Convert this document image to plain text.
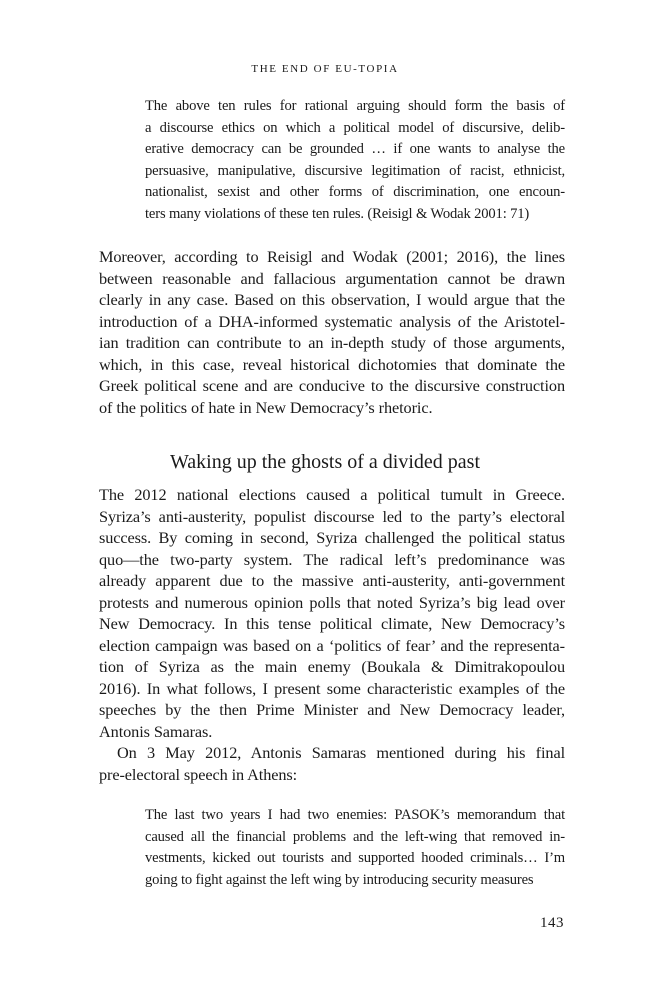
THE END OF EU-TOPIA
The above ten rules for rational arguing should form the basis of
a discourse ethics on which a political model of discursive, delib-
erative democracy can be grounded … if one wants to analyse the
persuasive, manipulative, discursive legitimation of racist, ethnicist,
nationalist, sexist and other forms of discrimination, one encoun-
ters many violations of these ten rules. (Reisigl & Wodak 2001: 71)
Moreover, according to Reisigl and Wodak (2001; 2016), the lines
between reasonable and fallacious argumentation cannot be drawn
clearly in any case. Based on this observation, I would argue that the
introduction of a DHA-informed systematic analysis of the Aristotel-
ian tradition can contribute to an in-depth study of those arguments,
which, in this case, reveal historical dichotomies that dominate the
Greek political scene and are conducive to the discursive construction
of the politics of hate in New Democracy’s rhetoric.
Waking up the ghosts of a divided past
The 2012 national elections caused a political tumult in Greece.
Syriza’s anti-austerity, populist discourse led to the party’s electoral
success. By coming in second, Syriza challenged the political status
quo—the two-party system. The radical left’s predominance was
already apparent due to the massive anti-austerity, anti-government
protests and numerous opinion polls that noted Syriza’s big lead over
New Democracy. In this tense political climate, New Democracy’s
election campaign was based on a ‘politics of fear’ and the representa-
tion of Syriza as the main enemy (Boukala & Dimitrakopoulou
2016). In what follows, I present some characteristic examples of the
speeches by the then Prime Minister and New Democracy leader,
Antonis Samaras.
On 3 May 2012, Antonis Samaras mentioned during his final
pre-electoral speech in Athens:
The last two years I had two enemies: PASOK’s memorandum that
caused all the financial problems and the left-wing that removed in-
vestments, kicked out tourists and supported hooded criminals… I’m
going to fight against the left wing by introducing security measures
143
